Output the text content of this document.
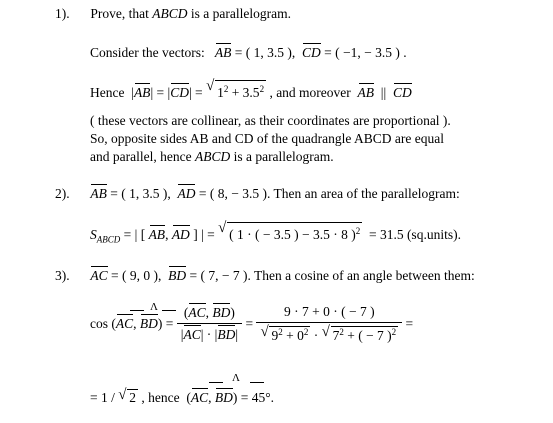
1). Prove, that ABCD is a parallelogram.
Consider the vectors: AB = ( 1, 3.5 ), CD = ( −1, − 3.5 ) .
Hence  |AB| = |CD| = √ $1^2 + 3.5^2$ , and moreover AB || CD
( these vectors are collinear, as their coordinates are proportional ).
So, opposite sides AB and CD of the quadrangle ABCD are equal
and parallel, hence ABCD is a parallelogram.
2). AB = ( 1, 3.5 ), AD = ( 8, − 3.5 ). Then an area of the parallelogram:
$S_{ABCD}$ = | [ AB, AD ] | = √ ( 1 · ( − 3.5 ) − 3.5 · 8 )$^2$ = 31.5 (sq.units).
3). AC = ( 9, 0 ), BD = ( 7, − 7 ). Then a cosine of an angle between them:
Λ
cos (AC, $BD) = \frac{(AC, BD)}{|AC| \cdot |BD|} = \frac{9 \cdot 7 + 0 \cdot ( - 7 )}{√ 9^2 + 0^2 \cdot √ 7^2 + ( - 7 )^2}$ =
Λ
= 1 / √ 2 , hence  (AC, BD) = 45°.
